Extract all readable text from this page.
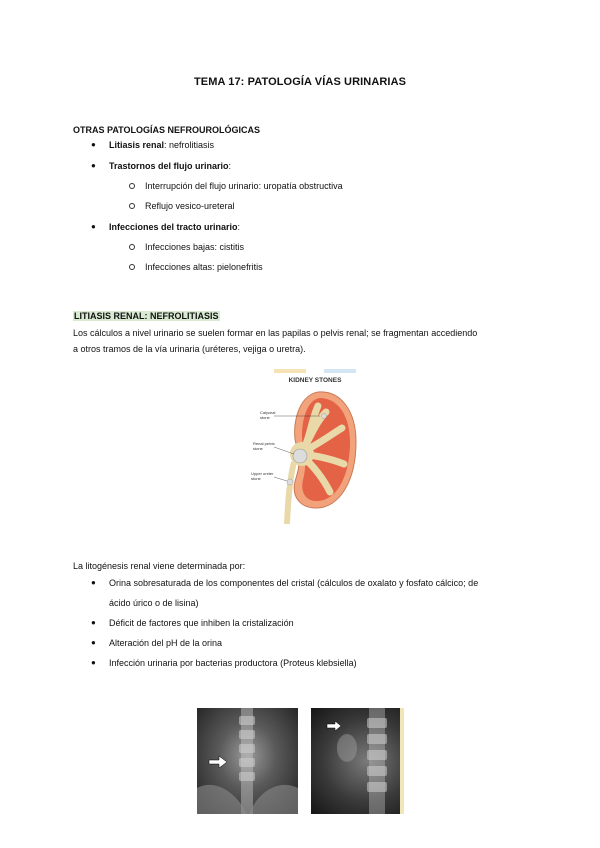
TEMA 17: PATOLOGÍA VÍAS URINARIAS
OTRAS PATOLOGÍAS NEFROUROLÓGICAS
● Litiasis renal: nefrolitiasis
● Trastornos del flujo urinario:
Interrupción del flujo urinario: uropatía obstructiva
Reflujo vesico-ureteral
● Infecciones del tracto urinario:
Infecciones bajas: cistitis
Infecciones altas: pielonefritis
LITIASIS RENAL: NEFROLITIASIS
Los cálculos a nivel urinario se suelen formar en las papilas o pelvis renal; se fragmentan accediendo
a otros tramos de la vía urinaria (uréteres, vejiga o uretra).
KIDNEY STONES
Calyceal
stone
Renal pelvic
stone
Upper ureter
stone
La litogénesis renal viene determinada por:
● Orina sobresaturada de los componentes del cristal (cálculos de oxalato y fosfato cálcico; de
ácido úrico o de lisina)
● Déficit de factores que inhiben la cristalización
● Alteración del pH de la orina
● Infección urinaria por bacterias productora (Proteus klebsiella)
